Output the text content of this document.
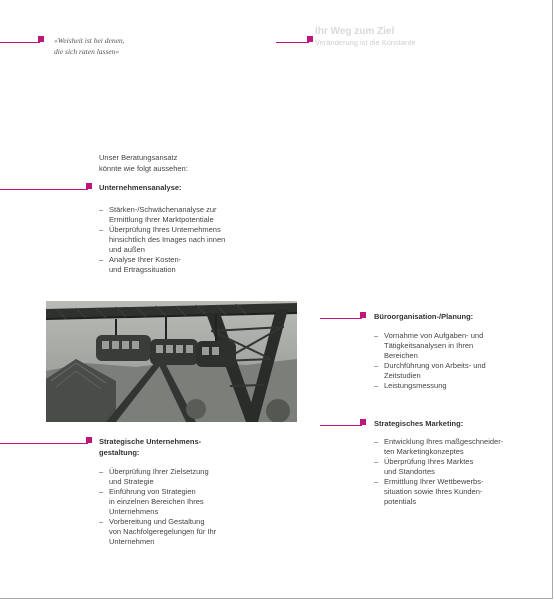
»Weisheit ist bei denen,
die sich raten lassen«
Ihr Weg zum Ziel
Veränderung ist die Konstante
Unser Beratungsansatz
könnte wie folgt aussehen:
Unternehmensanalyse:
– Stärken-/Schwächenanalyse zur
Ermittlung Ihrer Marktpotentiale
– Überprüfung Ihres Unternehmens
hinsichtlich des Images nach innen
und außen
– Analyse Ihrer Kosten-
und Ertragssituation
Büroorganisation-/Planung:
– Vornahme von Aufgaben- und
Tätigkeitsanalysen in Ihren
Bereichen
– Durchführung von Arbeits- und
Zeitstudien
– Leistungsmessung
Strategisches Marketing:
– Entwicklung Ihres maßgeschneider-
ten Marketingkonzeptes
– Überprüfung Ihres Marktes
und Standortes
– Ermittlung Ihrer Wettbewerbs-
situation sowie Ihres Kunden-
potentials
Strategische Unternehmens-
gestaltung:
– Überprüfung Ihrer Zielsetzung
und Strategie
– Einführung von Strategien
in einzelnen Bereichen Ihres
Unternehmens
– Vorbereitung und Gestaltung
von Nachfolgeregelungen für Ihr
Unternehmen
